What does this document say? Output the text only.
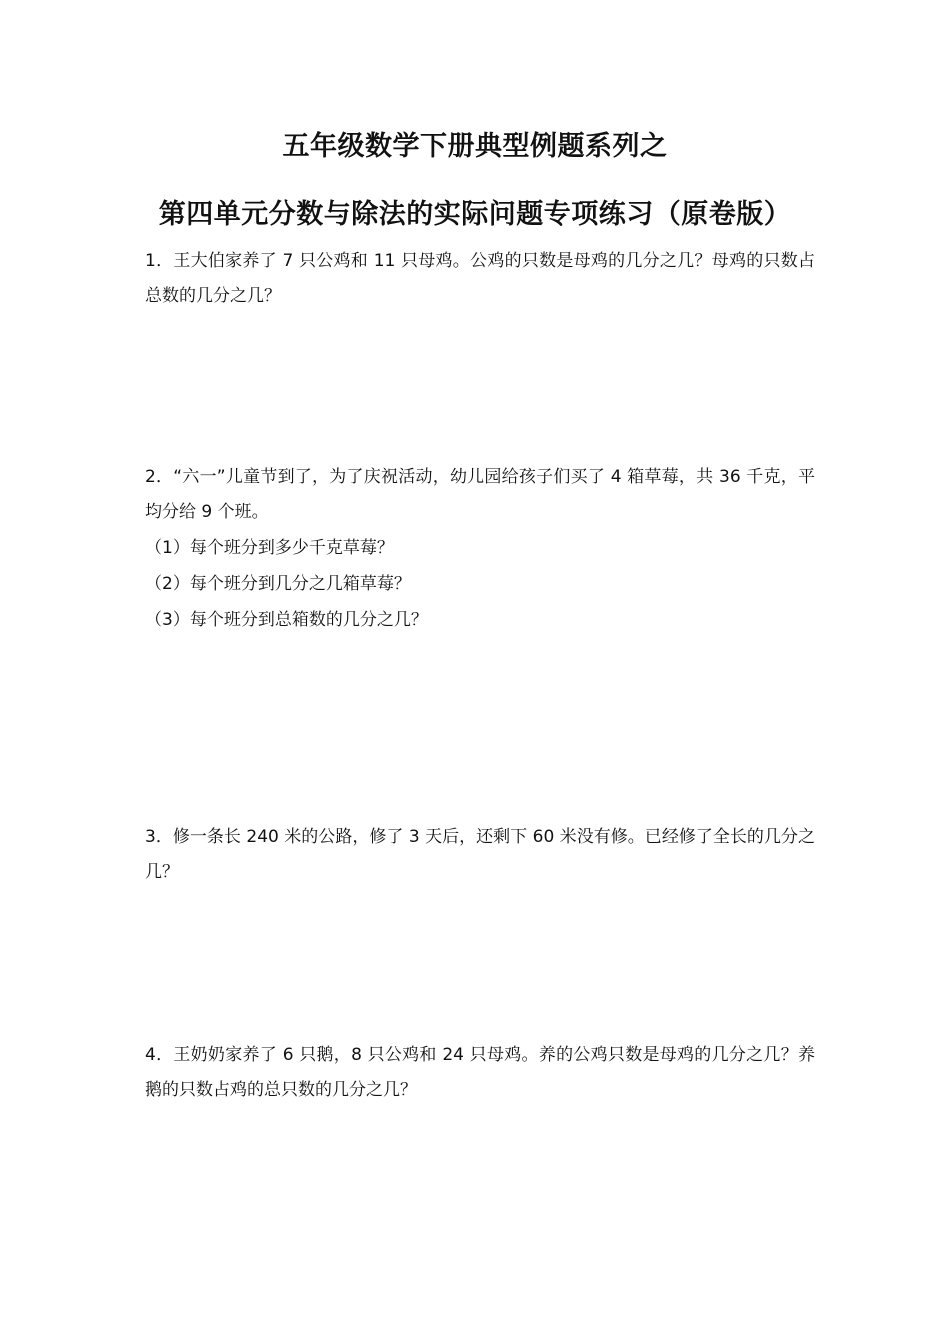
五年级数学下册典型例题系列之
第四单元分数与除法的实际问题专项练习（原卷版）
1．王大伯家养了 7 只公鸡和 11 只母鸡。公鸡的只数是母鸡的几分之几？母鸡的只数占总数的几分之几？
2．“六一”儿童节到了，为了庆祝活动，幼儿园给孩子们买了 4 箱草莓，共 36 千克，平均分给 9 个班。
（1）每个班分到多少千克草莓？
（2）每个班分到几分之几箱草莓？
（3）每个班分到总箱数的几分之几？
3．修一条长 240 米的公路，修了 3 天后，还剩下 60 米没有修。已经修了全长的几分之几？
4．王奶奶家养了 6 只鹅，8 只公鸡和 24 只母鸡。养的公鸡只数是母鸡的几分之几？养鹅的只数占鸡的总只数的几分之几？
